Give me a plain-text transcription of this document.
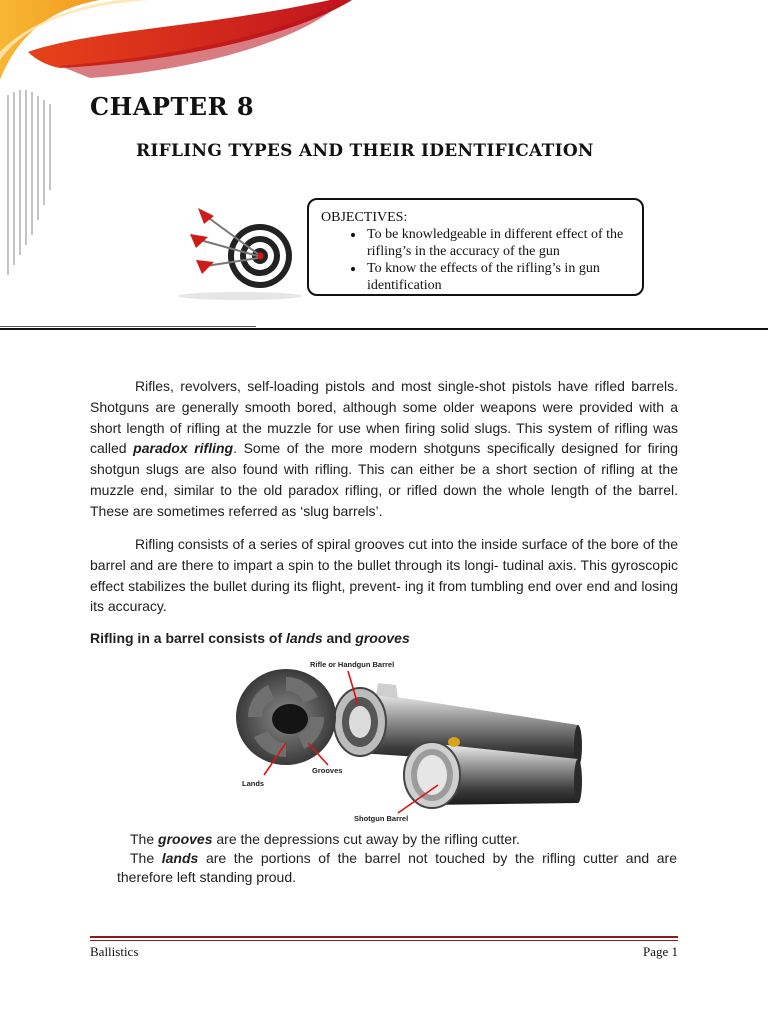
CHAPTER 8
RIFLING TYPES AND THEIR IDENTIFICATION
OBJECTIVES:
• To be knowledgeable in different effect of the rifling’s in the accuracy of the gun
• To know the effects of the rifling’s in gun identification

Rifles, revolvers, self-loading pistols and most single-shot pistols have rifled barrels. Shotguns are generally smooth bored, although some older weapons were provided with a short length of rifling at the muzzle for use when firing solid slugs. This system of rifling was called paradox rifling. Some of the more modern shotguns specifically designed for firing shotgun slugs are also found with rifling. This can either be a short section of rifling at the muzzle end, similar to the old paradox rifling, or rifled down the whole length of the barrel. These are sometimes referred as ‘slug barrels’.

Rifling consists of a series of spiral grooves cut into the inside surface of the bore of the barrel and are there to impart a spin to the bullet through its longi- tudinal axis. This gyroscopic effect stabilizes the bullet during its flight, prevent- ing it from tumbling end over end and losing its accuracy.

Rifling in a barrel consists of lands and grooves
Rifle or Handgun Barrel
Grooves
Lands
Shotgun Barrel

The grooves are the depressions cut away by the rifling cutter.

The lands are the portions of the barrel not touched by the rifling cutter and are therefore left standing proud.

Ballistics	Page 1
